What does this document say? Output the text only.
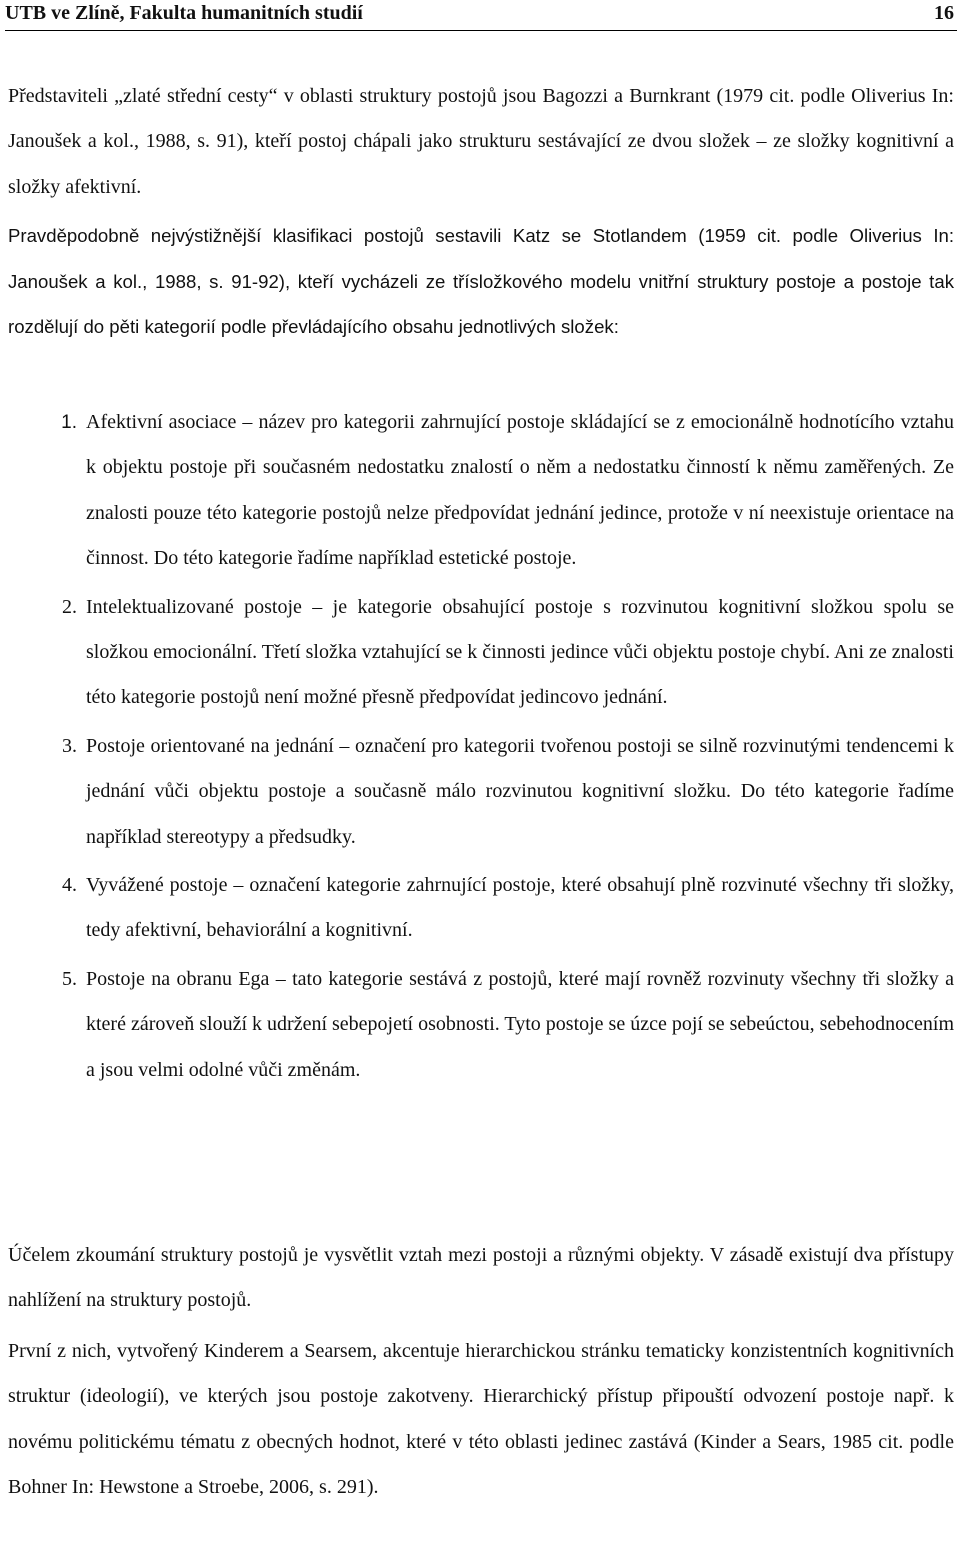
UTB ve Zlíně, Fakulta humanitních studií	16

Představiteli „zlaté střední cesty“ v oblasti struktury postojů jsou Bagozzi a Burnkrant (1979 cit. podle Oliverius In: Janoušek a kol., 1988, s. 91), kteří postoj chápali jako strukturu sestávající ze dvou složek – ze složky kognitivní a složky afektivní.

Pravděpodobně nejvýstižnější klasifikaci postojů sestavili Katz se Stotlandem (1959 cit. podle Oliverius In: Janoušek a kol., 1988, s. 91-92), kteří vycházeli ze třísložkového modelu vnitřní struktury postoje a postoje tak rozdělují do pěti kategorií podle převládajícího obsahu jednotlivých složek:

1. Afektivní asociace – název pro kategorii zahrnující postoje skládající se z emocionálně hodnotícího vztahu k objektu postoje při současném nedostatku znalostí o něm a nedostatku činností k němu zaměřených. Ze znalosti pouze této kategorie postojů nelze předpovídat jednání jedince, protože v ní neexistuje orientace na činnost. Do této kategorie řadíme například estetické postoje.
2. Intelektualizované postoje – je kategorie obsahující postoje s rozvinutou kognitivní složkou spolu se složkou emocionální. Třetí složka vztahující se k činnosti jedince vůči objektu postoje chybí. Ani ze znalosti této kategorie postojů není možné přesně předpovídat jedincovo jednání.
3. Postoje orientované na jednání – označení pro kategorii tvořenou postoji se silně rozvinutými tendencemi k jednání vůči objektu postoje a současně málo rozvinutou kognitivní složku. Do této kategorie řadíme například stereotypy a předsudky.
4. Vyvážené postoje – označení kategorie zahrnující postoje, které obsahují plně rozvinuté všechny tři složky, tedy afektivní, behaviorální a kognitivní.
5. Postoje na obranu Ega – tato kategorie sestává z postojů, které mají rovněž rozvinuty všechny tři složky a které zároveň slouží k udržení sebepojetí osobnosti. Tyto postoje se úzce pojí se sebeúctou, sebehodnocením a jsou velmi odolné vůči změnám.

Účelem zkoumání struktury postojů je vysvětlit vztah mezi postoji a různými objekty. V zásadě existují dva přístupy nahlížení na struktury postojů.

První z nich, vytvořený Kinderem a Searsem, akcentuje hierarchickou stránku tematicky konzistentních kognitivních struktur (ideologií), ve kterých jsou postoje zakotveny. Hierarchický přístup připouští odvození postoje např. k novému politickému tématu z obecných hodnot, které v této oblasti jedinec zastává (Kinder a Sears, 1985 cit. podle Bohner In: Hewstone a Stroebe, 2006, s. 291).
